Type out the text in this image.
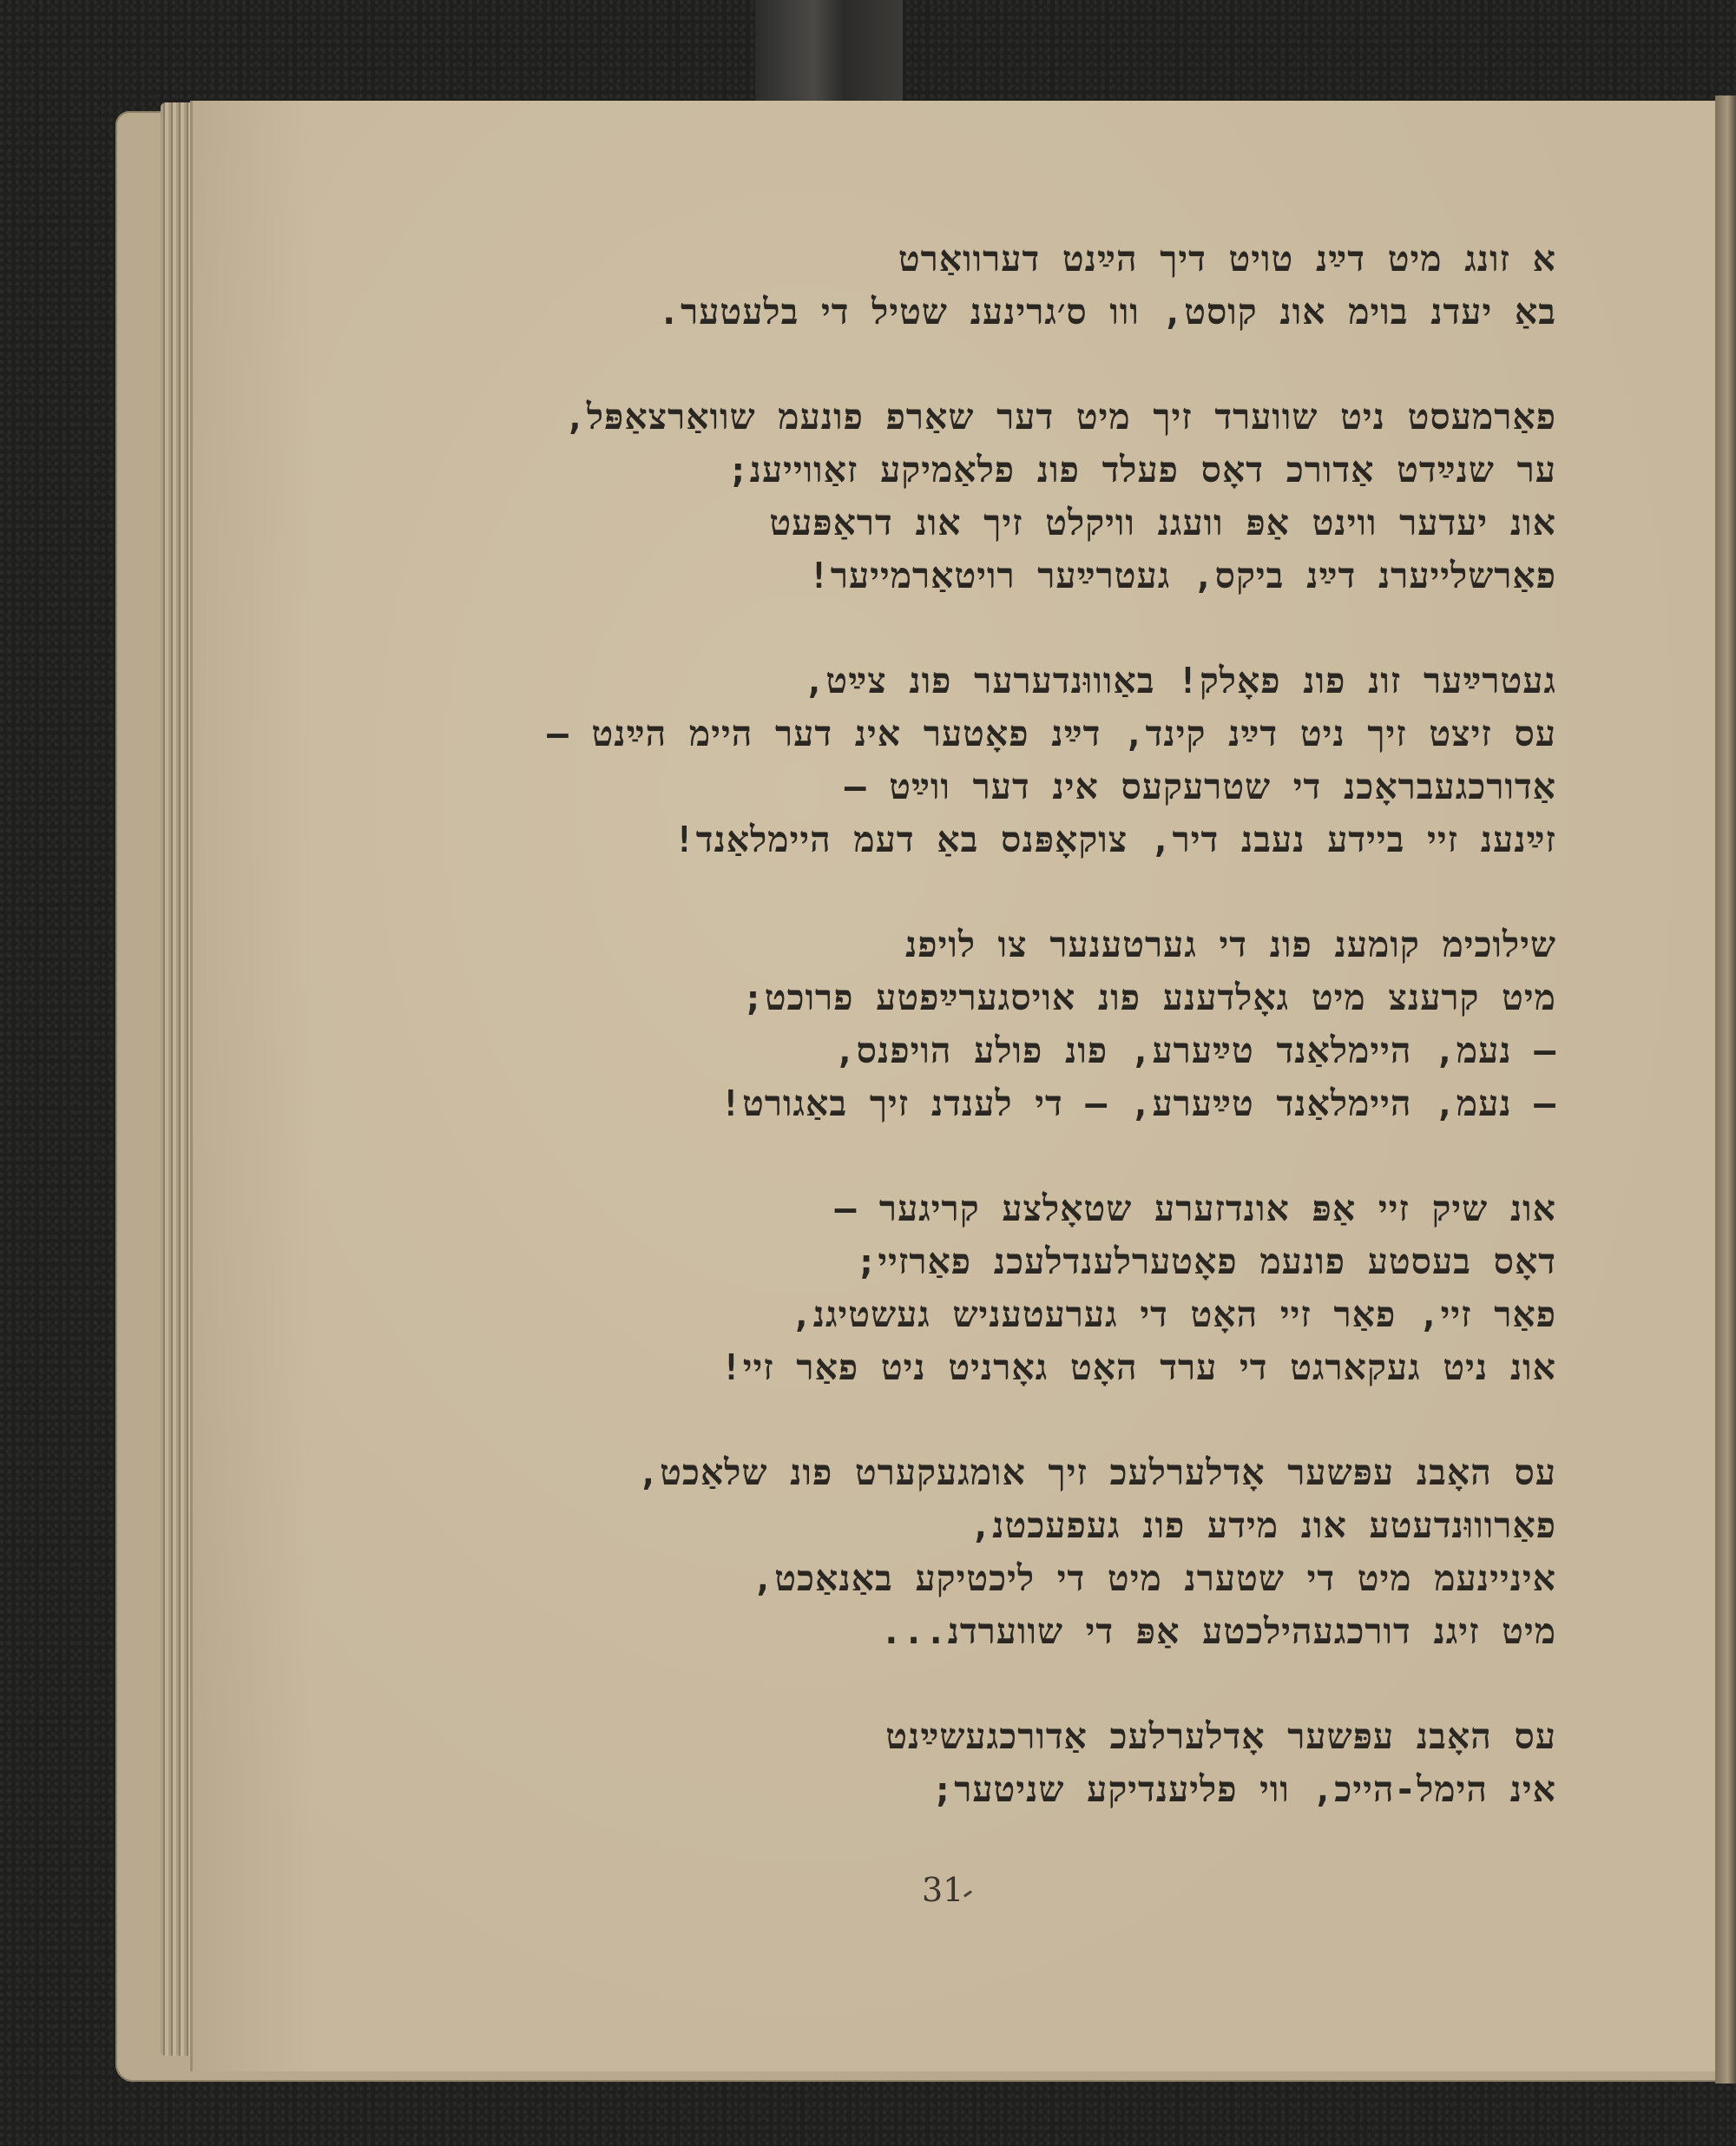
א זונג מיט דײַנ טויט דיך הײַנט דערוואַרט
באַ יעדנ בוימ אונ קוסט, ווו ס׳גרינענ שטיל די בלעטער.
פאַרמעסט ניט שווערד זיך מיט דער שאַרפ פונעמ שוואַרצאַפּל,
ער שנײַדט אַדורכ דאָס פעלד פונ פלאַמיקע זאַווייענ;
אונ יעדער ווינט אַפּ וועגנ וויקלט זיך אונ דראַפּעט
פאַרשלייערנ דײַנ ביקס, געטרײַער רויטאַרמייער!
געטרײַער זונ פונ פאָלק! באַוווּנדערער פונ צײַט,
עס זיצט זיך ניט דײַנ קינד, דײַנ פאָטער אינ דער היימ הײַנט —
אַדורכגעבראָכנ די שטרעקעס אינ דער ווײַט —
זײַנענ זיי ביידע נעבנ דיר, צוקאָפּנס באַ דעמ היימלאַנד!
שילוכימ קומענ פונ די גערטענער צו לויפנ
מיט קרענצ מיט גאָלדענע פונ אויסגערײַפטע פרוכט;
— נעמ, היימלאַנד טײַערע, פונ פולע הויפנס,
— נעמ, היימלאַנד טײַערע, — די לענדנ זיך באַגורט!
אונ שיק זיי אַפּ אונדזערע שטאָלצע קריגער —
דאָס בעסטע פונעמ פאָטערלענדלעכנ פאַרזיי;
פאַר זיי, פאַר זיי האָט די גערעטעניש געשטיגנ,
אונ ניט געקארגט די ערד האָט גאָרניט ניט פאַר זיי!
עס האָבנ עפּשער אָדלערלעכ זיך אומגעקערט פונ שלאַכט,
פאַרוווּנדעטע אונ מידע פונ געפעכטנ,
איניינעמ מיט די שטערנ מיט די ליכטיקע באַנאַכט,
מיט זיגנ דורכגעהילכטע אַפּ די שווערדנ...
עס האָבנ עפּשער אָדלערלעכ אַדורכגעשײַנט
אינ הימל-הייכ, ווי פליענדיקע שניטער;
31
